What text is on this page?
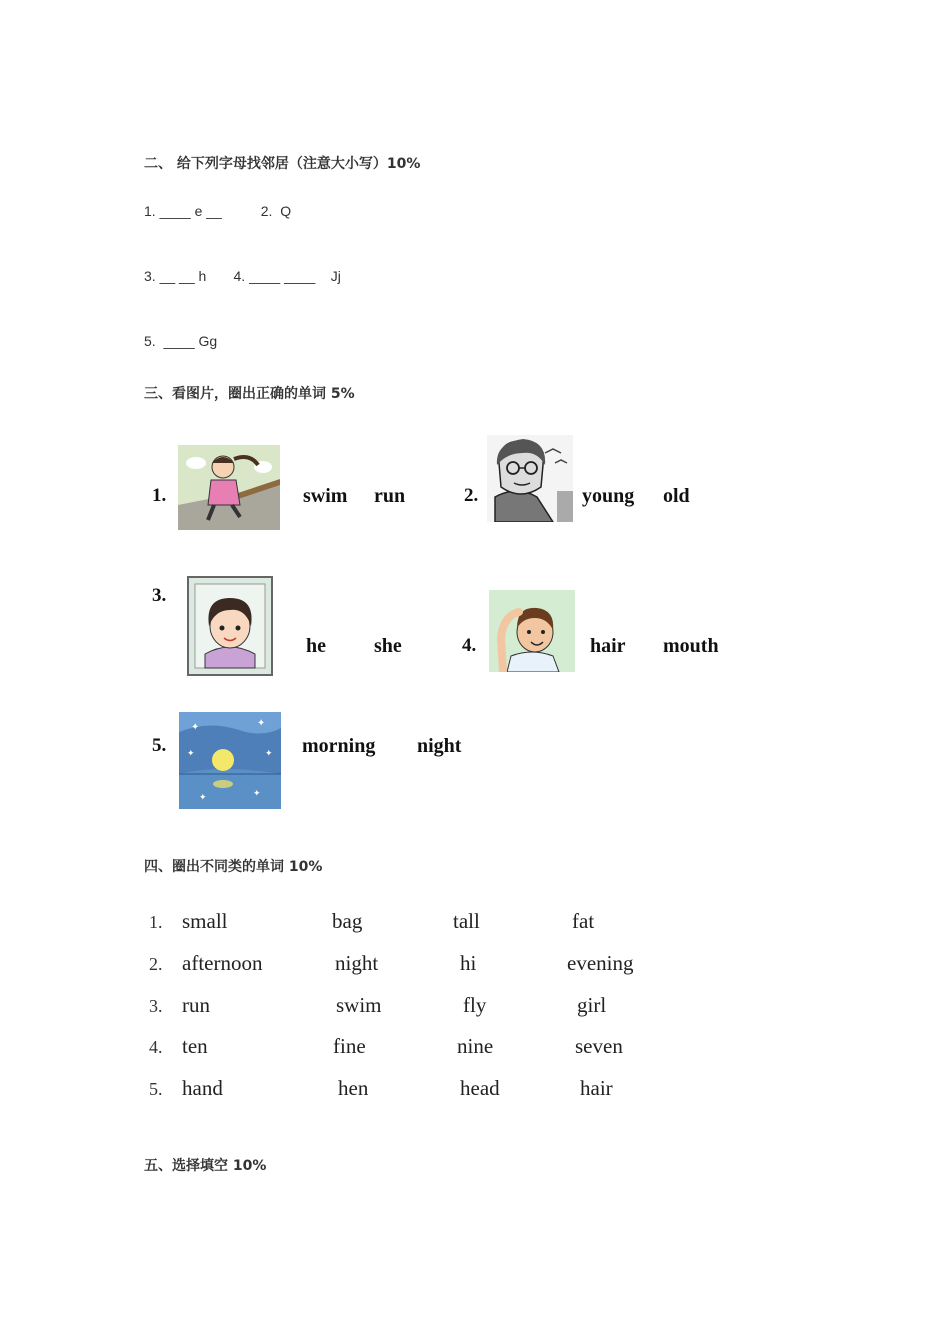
二、 给下列字母找邻居（注意大小写）10%
1. ____ e __          2.  Q
3. __ __ h       4. ____ ____    Jj
5.  ____ Gg
三、看图片，圈出正确的单词 5%
1.	swim run	2.	young old
3.
he she	4.	hair mouth
5.
✦	✦
✦
✦
✦	✦
morning night
四、圈出不同类的单词 10%
1. small	bag	tall	fat
2. afternoon	night	hi	evening
3. run	swim	fly	girl
4. ten	fine	nine	seven
5. hand	hen	head	hair
五、选择填空 10%
